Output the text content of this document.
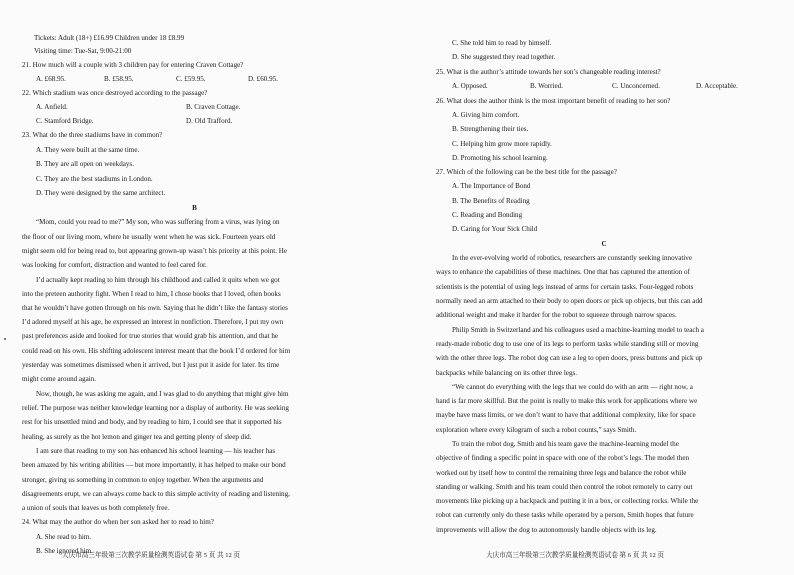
Tickets: Adult (18+) £16.99 Children under 18 £8.99
Visiting time: Tue-Sat, 9:00-21:00
21. How much will a couple with 3 children pay for entering Craven Cottage?
A. £68.95.	B. £58.95.	C. £59.95.	D. £60.95.
22. Which stadium was once destroyed according to the passage?
A. Anfield.	B. Craven Cottage.
C. Stamford Bridge.	D. Old Trafford.
23. What do the three stadiums have in common?
A. They were built at the same time.
B. They are all open on weekdays.
C. They are the best stadiums in London.
D. They were designed by the same architect.
B
“Mom, could you read to me?” My son, who was suffering from a virus, was lying on
the floor of our living room, where he usually went when he was sick. Fourteen years old
might seem old for being read to, but appearing grown-up wasn’t his priority at this point. He
was looking for comfort, distraction and wanted to feel cared for.
I’d actually kept reading to him through his childhood and called it quits when we got
into the preteen authority fight. When I read to him, I chose books that I loved, often books
that he wouldn’t have gotten through on his own. Saying that he didn’t like the fantasy stories
I’d adored myself at his age, he expressed an interest in nonfiction. Therefore, I put my own
past preferences aside and looked for true stories that would grab his attention, and that he
could read on his own. His shifting adolescent interest meant that the book I’d ordered for him
yesterday was sometimes dismissed when it arrived, but I just put it aside for later. Its time
might come around again.
Now, though, he was asking me again, and I was glad to do anything that might give him
relief. The purpose was neither knowledge learning nor a display of authority. He was seeking
rest for his unsettled mind and body, and by reading to him, I could see that it supported his
healing, as surely as the hot lemon and ginger tea and getting plenty of sleep did.
I am sure that reading to my son has enhanced his school learning — his teacher has
been amazed by his writing abilities — but more importantly, it has helped to make our bond
stronger, giving us something in common to enjoy together. When the arguments and
disagreements erupt, we can always come back to this simple activity of reading and listening,
a union of souls that leaves us both completely free.
24. What may the author do when her son asked her to read to him?
A. She read to him.
B. She ignored him.
大庆市高三年级第三次教学质量检测英语试卷 第 5 页 共 12 页
C. She told him to read by himself.
D. She suggested they read together.
25. What is the author’s attitude towards her son’s changeable reading interest?
A. Opposed.	B. Worried.	C. Unconcerned.	D. Acceptable.
26. What does the author think is the most important benefit of reading to her son?
A. Giving him comfort.
B. Strengthening their ties.
C. Helping him grow more rapidly.
D. Promoting his school learning.
27. Which of the following can be the best title for the passage?
A. The Importance of Bond
B. The Benefits of Reading
C. Reading and Bonding
D. Caring for Your Sick Child
C
In the ever-evolving world of robotics, researchers are constantly seeking innovative
ways to enhance the capabilities of these machines. One that has captured the attention of
scientists is the potential of using legs instead of arms for certain tasks. Four-legged robots
normally need an arm attached to their body to open doors or pick up objects, but this can add
additional weight and make it harder for the robot to squeeze through narrow spaces.
Philip Smith in Switzerland and his colleagues used a machine-learning model to teach a
ready-made robotic dog to use one of its legs to perform tasks while standing still or moving
with the other three legs. The robot dog can use a leg to open doors, press buttons and pick up
backpacks while balancing on its other three legs.
“We cannot do everything with the legs that we could do with an arm — right now, a
hand is far more skillful. But the point is really to make this work for applications where we
maybe have mass limits, or we don’t want to have that additional complexity, like for space
exploration where every kilogram of such a robot counts,” says Smith.
To train the robot dog, Smith and his team gave the machine-learning model the
objective of finding a specific point in space with one of the robot’s legs. The model then
worked out by itself how to control the remaining three legs and balance the robot while
standing or walking. Smith and his team could then control the robot remotely to carry out
movements like picking up a backpack and putting it in a box, or collecting rocks. While the
robot can currently only do these tasks while operated by a person, Smith hopes that future
improvements will allow the dog to autonomously handle objects with its leg.
大庆市高三年级第三次教学质量检测英语试卷 第 6 页 共 12 页
